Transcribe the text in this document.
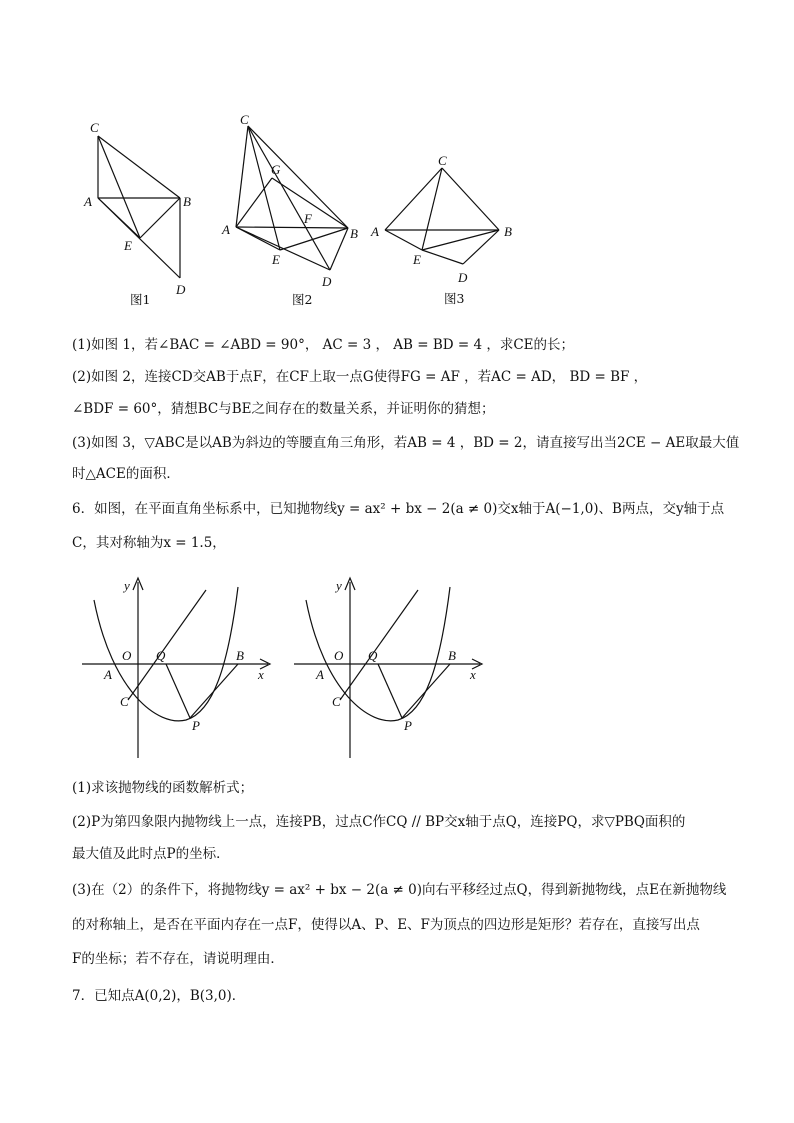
C
A	B
E
D
图1
C
G
F
A	B
E
D
图2
C
A	B
E
D
图3
(1)如图 1，若∠BAC = ∠ABD = 90°， AC = 3 ， AB = BD = 4 ，求CE的长；
(2)如图 2，连接CD交AB于点F，在CF上取一点G使得FG = AF ，若AC = AD， BD = BF ，
∠BDF = 60°，猜想BC与BE之间存在的数量关系，并证明你的猜想；
(3)如图 3，▽ABC是以AB为斜边的等腰直角三角形，若AB = 4 ，BD = 2，请直接写出当2CE − AE取最大值
时△ACE的面积．
6．如图，在平面直角坐标系中，已知抛物线y = ax² + bx − 2(a ≠ 0)交x轴于A(−1,0)、B两点，交y轴于点
C，其对称轴为x = 1.5，
y
x
O Q	B
A
C
P
y
x
O Q	B
A
C
P
(1)求该抛物线的函数解析式；
(2)P为第四象限内抛物线上一点，连接PB，过点C作CQ // BP交x轴于点Q，连接PQ，求▽PBQ面积的
最大值及此时点P的坐标．
(3)在（2）的条件下，将抛物线y = ax² + bx − 2(a ≠ 0)向右平移经过点Q，得到新抛物线，点E在新抛物线
的对称轴上，是否在平面内存在一点F，使得以A、P、E、F为顶点的四边形是矩形？若存在，直接写出点
F的坐标；若不存在，请说明理由．
7．已知点A(0,2)，B(3,0)．
